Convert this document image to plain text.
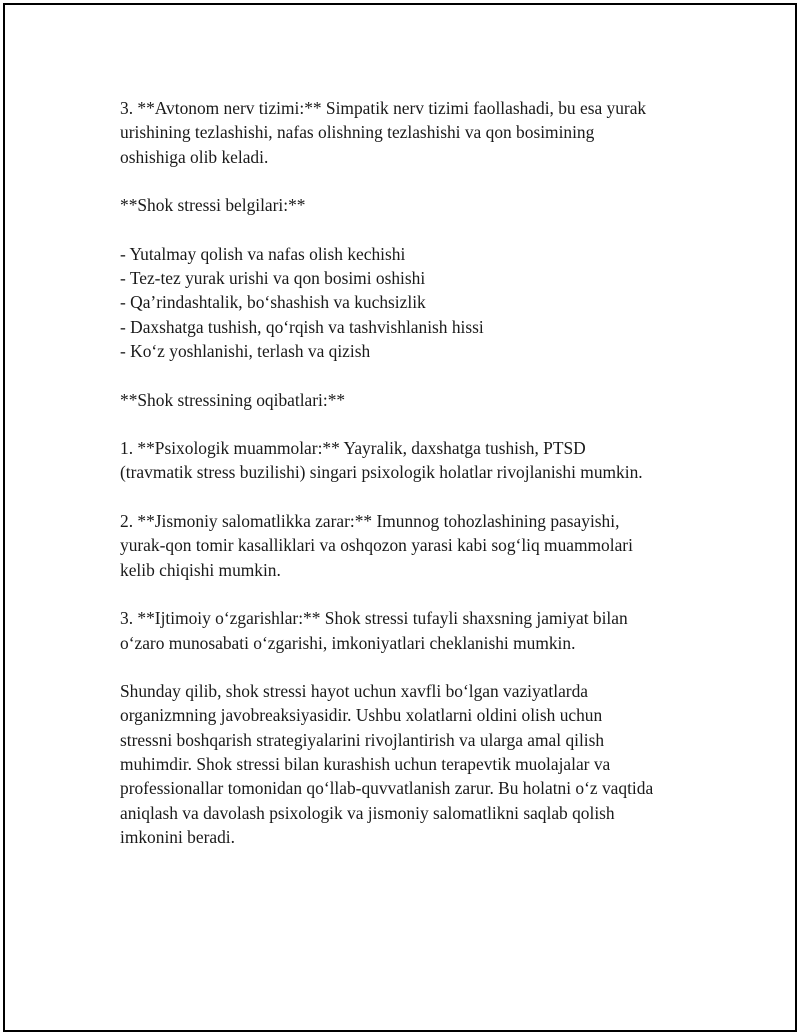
3. **Avtonom nerv tizimi:** Simpatik nerv tizimi faollashadi, bu esa yurak
urishining tezlashishi, nafas olishning tezlashishi va qon bosimining
oshishiga olib keladi.
**Shok stressi belgilari:**
- Yutalmay qolish va nafas olish kechishi
- Tez-tez yurak urishi va qon bosimi oshishi
- Qa’rindashtalik, bo‘shashish va kuchsizlik
- Daxshatga tushish, qo‘rqish va tashvishlanish hissi
- Ko‘z yoshlanishi, terlash va qizish
**Shok stressining oqibatlari:**
1. **Psixologik muammolar:** Yayralik, daxshatga tushish, PTSD
(travmatik stress buzilishi) singari psixologik holatlar rivojlanishi mumkin.
2. **Jismoniy salomatlikka zarar:** Imunnog tohozlashining pasayishi,
yurak-qon tomir kasalliklari va oshqozon yarasi kabi sog‘liq muammolari
kelib chiqishi mumkin.
3. **Ijtimoiy o‘zgarishlar:** Shok stressi tufayli shaxsning jamiyat bilan
o‘zaro munosabati o‘zgarishi, imkoniyatlari cheklanishi mumkin.
Shunday qilib, shok stressi hayot uchun xavfli bo‘lgan vaziyatlarda
organizmning javobreaksiyasidir. Ushbu xolatlarni oldini olish uchun
stressni boshqarish strategiyalarini rivojlantirish va ularga amal qilish
muhimdir. Shok stressi bilan kurashish uchun terapevtik muolajalar va
professionallar tomonidan qo‘llab-quvvatlanish zarur. Bu holatni o‘z vaqtida
aniqlash va davolash psixologik va jismoniy salomatlikni saqlab qolish
imkonini beradi.
